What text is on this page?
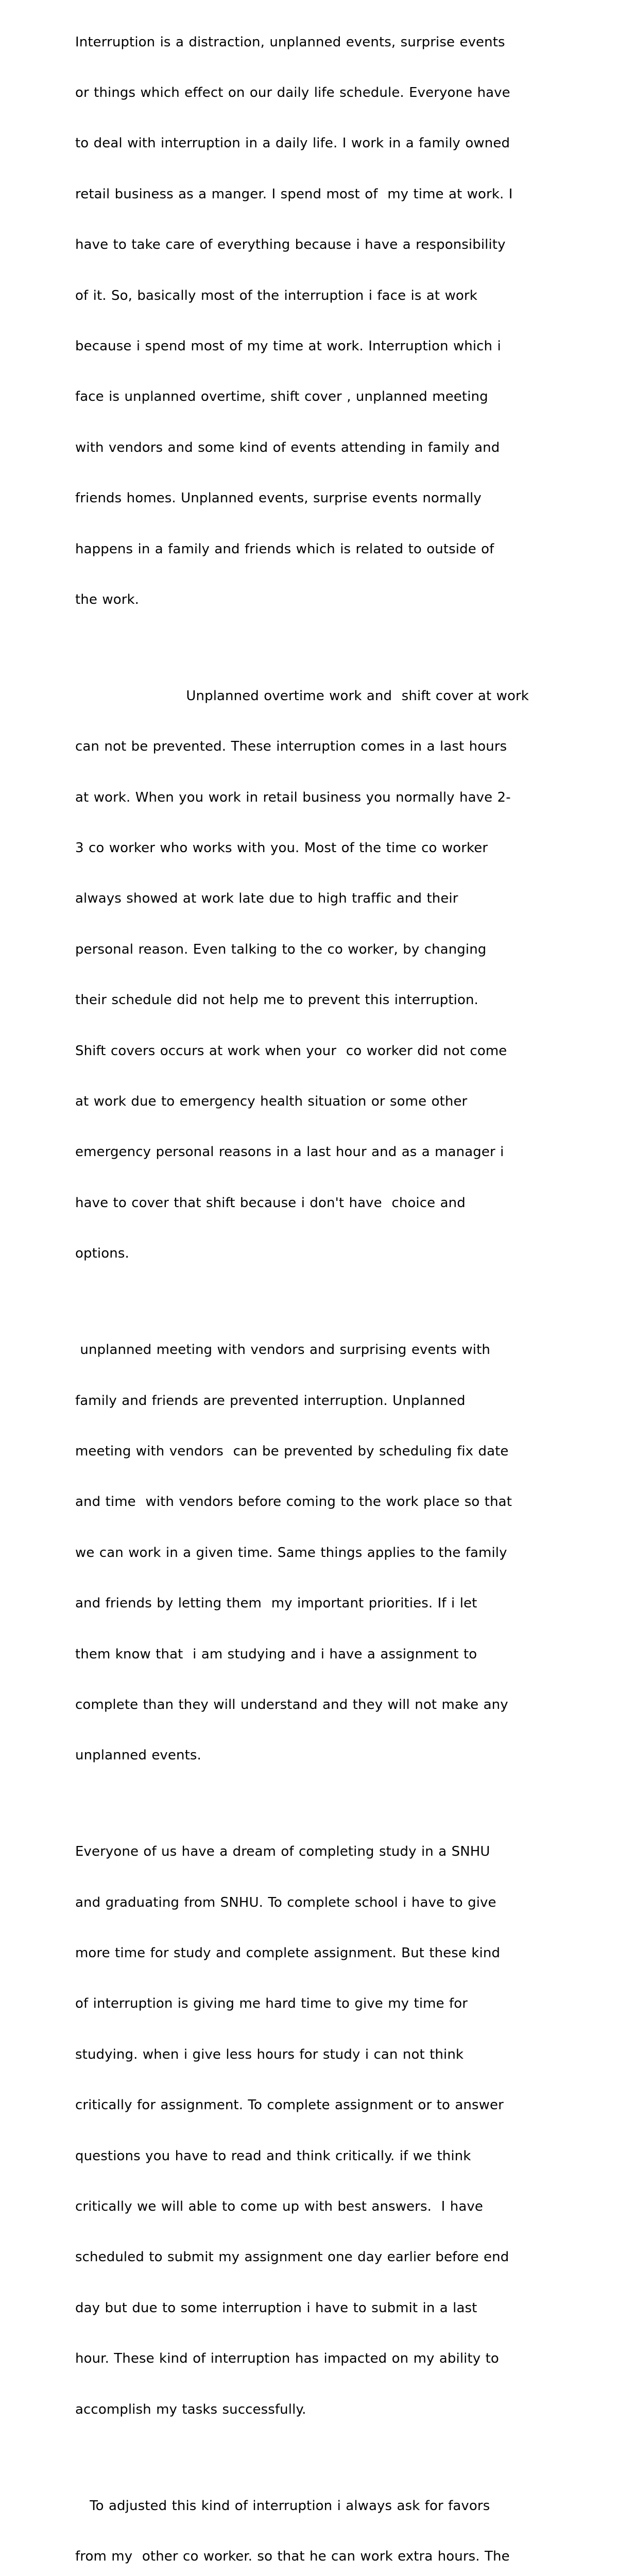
Interruption is a distraction, unplanned events, surprise events

or things which effect on our daily life schedule. Everyone have

to deal with interruption in a daily life. I work in a family owned

retail business as a manger. I spend most of  my time at work. I

have to take care of everything because i have a responsibility

of it. So, basically most of the interruption i face is at work

because i spend most of my time at work. Interruption which i

face is unplanned overtime, shift cover , unplanned meeting

with vendors and some kind of events attending in family and

friends homes. Unplanned events, surprise events normally

happens in a family and friends which is related to outside of

the work.

Unplanned overtime work and  shift cover at work

can not be prevented. These interruption comes in a last hours

at work. When you work in retail business you normally have 2-

3 co worker who works with you. Most of the time co worker

always showed at work late due to high traffic and their

personal reason. Even talking to the co worker, by changing

their schedule did not help me to prevent this interruption.

Shift covers occurs at work when your  co worker did not come

at work due to emergency health situation or some other

emergency personal reasons in a last hour and as a manager i

have to cover that shift because i don't have  choice and

options.

unplanned meeting with vendors and surprising events with

family and friends are prevented interruption. Unplanned

meeting with vendors  can be prevented by scheduling fix date

and time  with vendors before coming to the work place so that

we can work in a given time. Same things applies to the family

and friends by letting them  my important priorities. If i let

them know that  i am studying and i have a assignment to

complete than they will understand and they will not make any

unplanned events.

Everyone of us have a dream of completing study in a SNHU

and graduating from SNHU. To complete school i have to give

more time for study and complete assignment. But these kind

of interruption is giving me hard time to give my time for

studying. when i give less hours for study i can not think

critically for assignment. To complete assignment or to answer

questions you have to read and think critically. if we think

critically we will able to come up with best answers.  I have

scheduled to submit my assignment one day earlier before end

day but due to some interruption i have to submit in a last

hour. These kind of interruption has impacted on my ability to

accomplish my tasks successfully.

To adjusted this kind of interruption i always ask for favors

from my  other co worker. so that he can work extra hours. The
